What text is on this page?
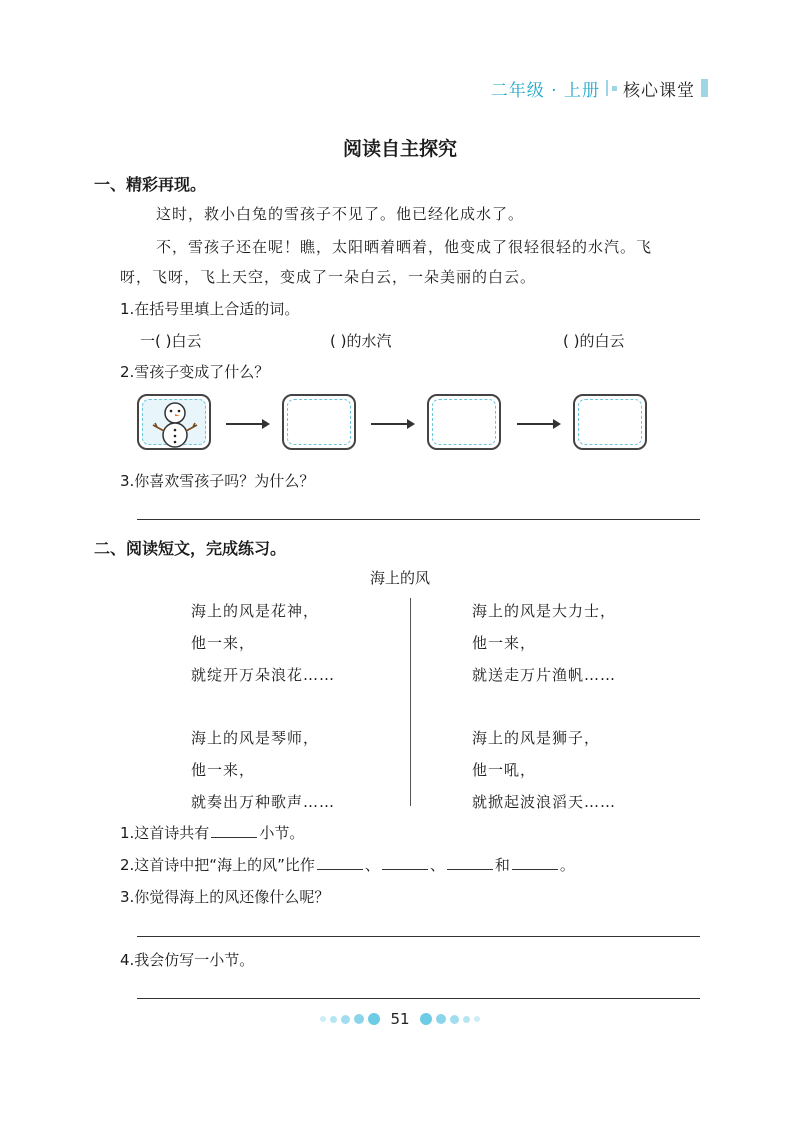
二年级 · 上册 核心课堂
阅读自主探究
一、精彩再现。
这时，救小白兔的雪孩子不见了。他已经化成水了。
不，雪孩子还在呢！瞧，太阳晒着晒着，他变成了很轻很轻的水汽。飞
呀，飞呀，飞上天空，变成了一朵白云，一朵美丽的白云。
1.在括号里填上合适的词。
一( )白云	( )的水汽	( )的白云
2.雪孩子变成了什么？
3.你喜欢雪孩子吗？为什么？
二、阅读短文，完成练习。
海上的风
海上的风是花神，
他一来，
就绽开万朵浪花……
海上的风是琴师，
他一来，
就奏出万种歌声……
海上的风是大力士，
他一来，
就送走万片渔帆……
海上的风是狮子，
他一吼，
就掀起波浪滔天……
1.这首诗共有	小节。
2.这首诗中把“海上的风”比作	、	、	和	。
3.你觉得海上的风还像什么呢？
4.我会仿写一小节。
51
